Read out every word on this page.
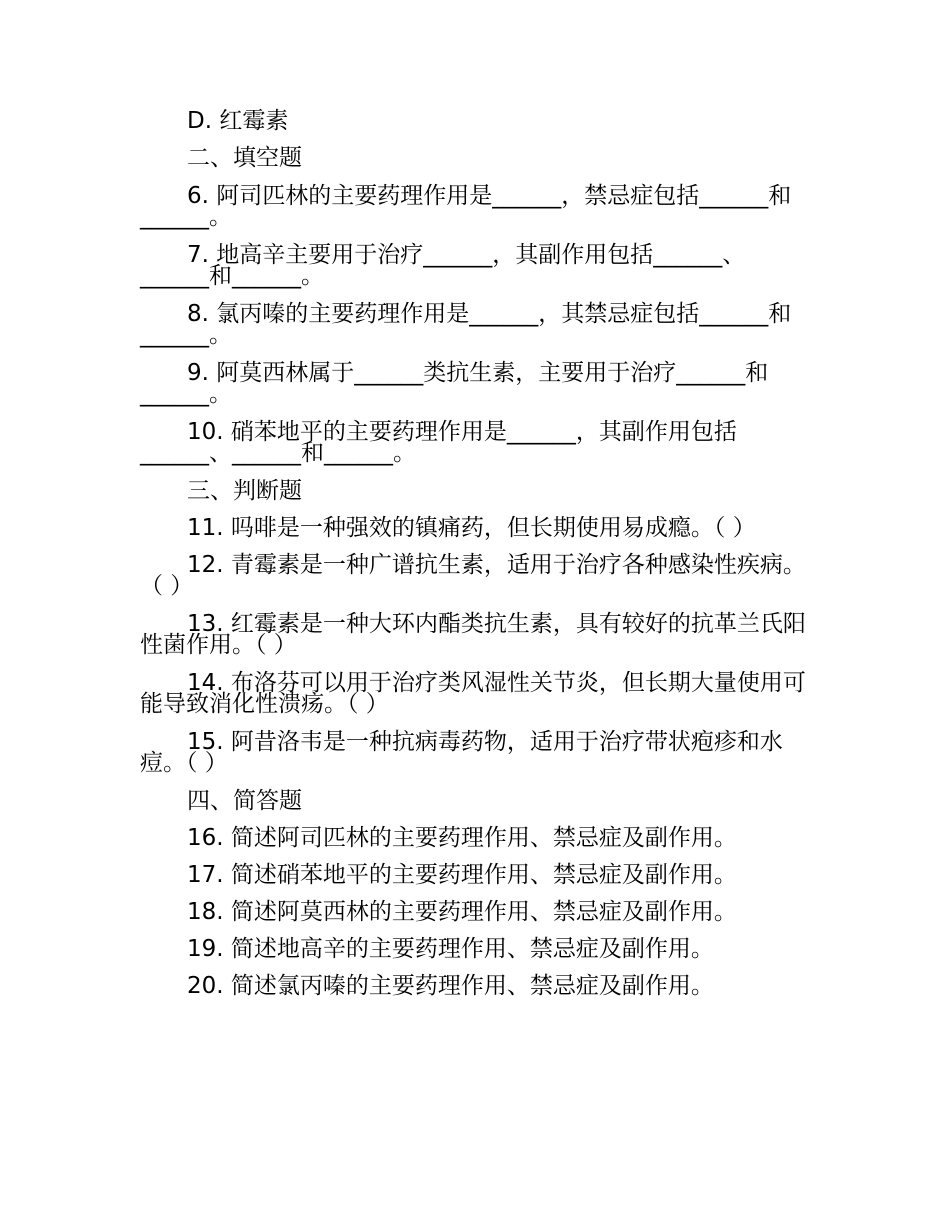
D. 红霉素
二、填空题
6. 阿司匹林的主要药理作用是______，禁忌症包括______和______。
7. 地高辛主要用于治疗______，其副作用包括______、______和______。
8. 氯丙嗪的主要药理作用是______，其禁忌症包括______和______。
9. 阿莫西林属于______类抗生素，主要用于治疗______和______。
10. 硝苯地平的主要药理作用是______，其副作用包括______、______和______。
三、判断题
11. 吗啡是一种强效的镇痛药，但长期使用易成瘾。（ ）
12. 青霉素是一种广谱抗生素，适用于治疗各种感染性疾病。（ ）
13. 红霉素是一种大环内酯类抗生素，具有较好的抗革兰氏阳性菌作用。（ ）
14. 布洛芬可以用于治疗类风湿性关节炎，但长期大量使用可能导致消化性溃疡。（ ）
15. 阿昔洛韦是一种抗病毒药物，适用于治疗带状疱疹和水痘。（ ）
四、简答题
16. 简述阿司匹林的主要药理作用、禁忌症及副作用。
17. 简述硝苯地平的主要药理作用、禁忌症及副作用。
18. 简述阿莫西林的主要药理作用、禁忌症及副作用。
19. 简述地高辛的主要药理作用、禁忌症及副作用。
20. 简述氯丙嗪的主要药理作用、禁忌症及副作用。
